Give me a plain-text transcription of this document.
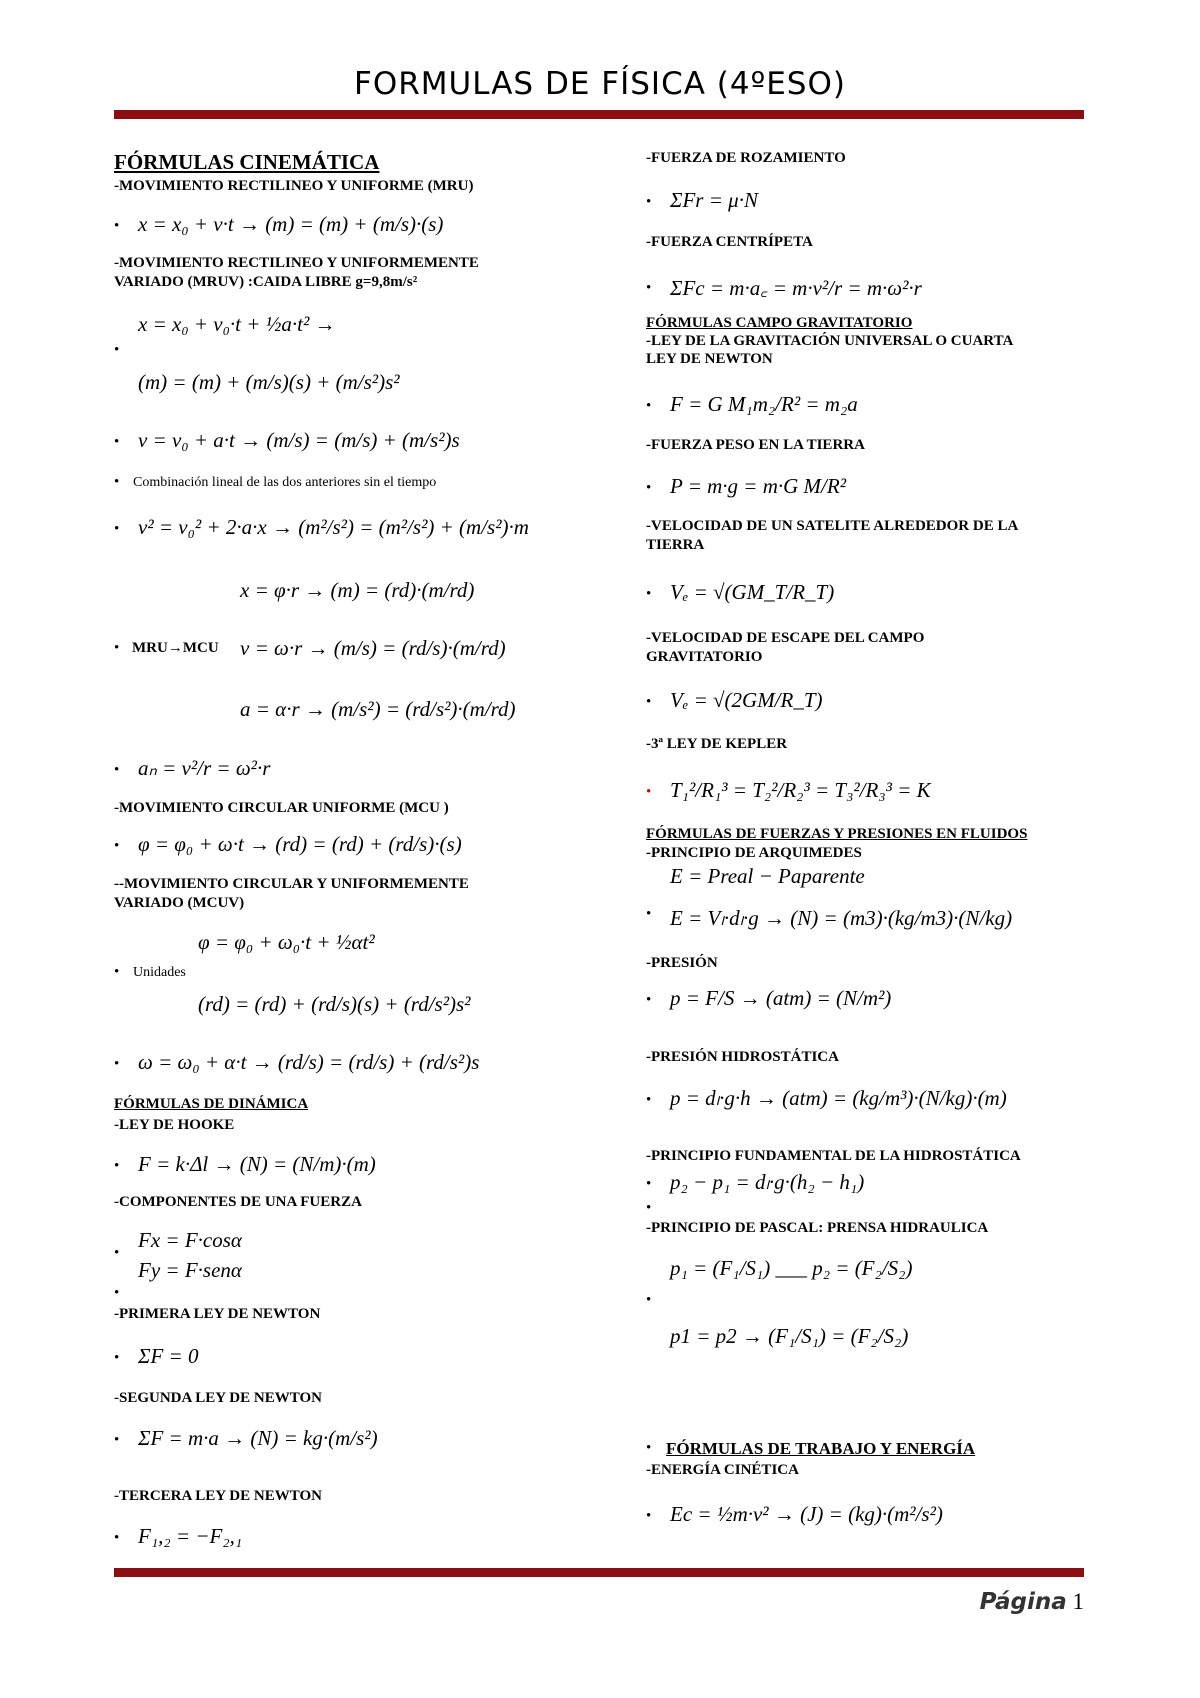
FORMULAS DE FÍSICA (4ºESO)
FÓRMULAS CINEMÁTICA
-MOVIMIENTO RECTILINEO Y UNIFORME (MRU)
• x = x₀ + v·t → (m) = (m) + (m/s)·(s)
-MOVIMIENTO RECTILINEO Y UNIFORMEMENTE
VARIADO (MRUV) :CAIDA LIBRE g=9,8m/s²
x = x₀ + v₀·t + ½a·t² →
•
(m) = (m) + (m/s)(s) + (m/s²)s²
• v = v₀ + a·t → (m/s) = (m/s) + (m/s²)s
• Combinación lineal de las dos anteriores sin el tiempo
• v² = v₀² + 2·a·x → (m²/s²) = (m²/s²) + (m/s²)·m
x = φ·r → (m) = (rd)·(m/rd)
• MRU→MCU v = ω·r → (m/s) = (rd/s)·(m/rd)
a = α·r → (m/s²) = (rd/s²)·(m/rd)
• aₙ = v²/r = ω²·r
-MOVIMIENTO CIRCULAR UNIFORME (MCU )
• φ = φ₀ + ω·t → (rd) = (rd) + (rd/s)·(s)
--MOVIMIENTO CIRCULAR Y UNIFORMEMENTE
VARIADO (MCUV)
φ = φ₀ + ω₀·t + ½αt²
• Unidades
(rd) = (rd) + (rd/s)(s) + (rd/s²)s²
• ω = ω₀ + α·t → (rd/s) = (rd/s) + (rd/s²)s
FÓRMULAS DE DINÁMICA
-LEY DE HOOKE
• F = k·Δl → (N) = (N/m)·(m)
-COMPONENTES DE UNA FUERZA
Fx = F·cosα
•
Fy = F·senα
•
-PRIMERA LEY DE NEWTON
• ΣF = 0
-SEGUNDA LEY DE NEWTON
• ΣF = m·a → (N) = kg·(m/s²)
-TERCERA LEY DE NEWTON
• F₁,₂ = −F₂,₁
-FUERZA DE ROZAMIENTO
• ΣFr = μ·N
-FUERZA CENTRÍPETA
• ΣFc = m·a꜀ = m·v²/r = m·ω²·r
FÓRMULAS CAMPO GRAVITATORIO
-LEY DE LA GRAVITACIÓN UNIVERSAL O CUARTA
LEY DE NEWTON
• F = G M₁m₂/R² = m₂a
-FUERZA PESO EN LA TIERRA
• P = m·g = m·G M/R²
-VELOCIDAD DE UN SATELITE ALREDEDOR DE LA
TIERRA
• Vₑ = √(GM_T/R_T)
-VELOCIDAD DE ESCAPE DEL CAMPO
GRAVITATORIO
• Vₑ = √(2GM/R_T)
-3ª LEY DE KEPLER
• T₁²/R₁³ = T₂²/R₂³ = T₃²/R₃³ = K
FÓRMULAS DE FUERZAS Y PRESIONES EN FLUIDOS
-PRINCIPIO DE ARQUIMEDES
E = Preal − Paparente
• E = Vₗ·dₗ·g → (N) = (m3)·(kg/m3)·(N/kg)
-PRESIÓN
• p = F/S → (atm) = (N/m²)
-PRESIÓN HIDROSTÁTICA
• p = dₗ·g·h → (atm) = (kg/m³)·(N/kg)·(m)
-PRINCIPIO FUNDAMENTAL DE LA HIDROSTÁTICA
• p₂ − p₁ = dₗ·g·(h₂ − h₁)
•
-PRINCIPIO DE PASCAL: PRENSA HIDRAULICA
p₁ = (F₁/S₁) ___ p₂ = (F₂/S₂)
•
p1 = p2 → (F₁/S₁) = (F₂/S₂)
• FÓRMULAS DE TRABAJO Y ENERGÍA
-ENERGÍA CINÉTICA
• Ec = ½m·v² → (J) = (kg)·(m²/s²)
Página 1
